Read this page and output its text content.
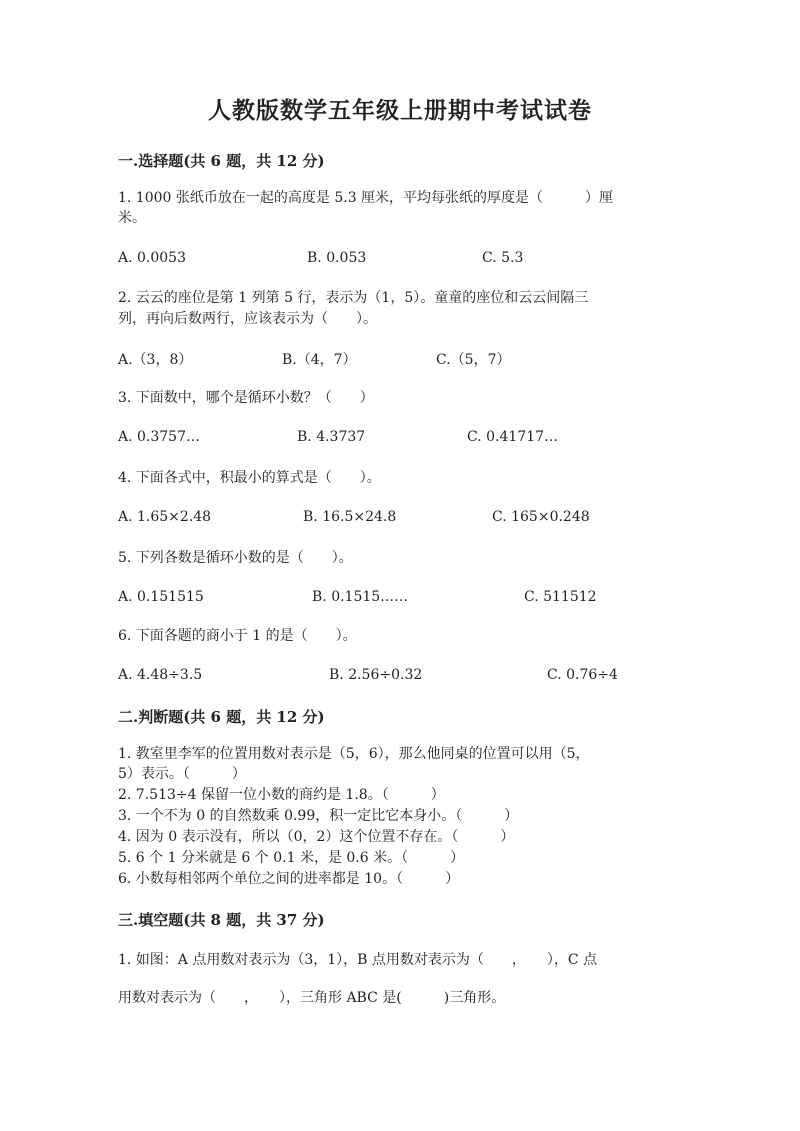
人教版数学五年级上册期中考试试卷
一.选择题(共 6 题，共 12 分)
1. 1000 张纸币放在一起的高度是 5.3 厘米，平均每张纸的厚度是（　　　）厘
米。
A. 0.0053	B. 0.053	C. 5.3
2. 云云的座位是第 1 列第 5 行，表示为（1，5）。童童的座位和云云间隔三
列，再向后数两行，应该表示为（　　）。
A.（3，8）	B.（4，7）	C.（5，7）
3. 下面数中，哪个是循环小数？（　　）
A. 0.3757…	B. 4.3737	C. 0.41717…
4. 下面各式中，积最小的算式是（　　）。
A. 1.65×2.48	B. 16.5×24.8	C. 165×0.248
5. 下列各数是循环小数的是（　　）。
A. 0.151515	B. 0.1515……	C. 511512
6. 下面各题的商小于 1 的是（　　）。
A. 4.48÷3.5	B. 2.56÷0.32	C. 0.76÷4
二.判断题(共 6 题，共 12 分)
1. 教室里李军的位置用数对表示是（5，6），那么他同桌的位置可以用（5，
5）表示。（　　　）
2. 7.513÷4 保留一位小数的商约是 1.8。（　　　）
3. 一个不为 0 的自然数乘 0.99，积一定比它本身小。（　　　）
4. 因为 0 表示没有，所以（0，2）这个位置不存在。（　　　）
5. 6 个 1 分米就是 6 个 0.1 米，是 0.6 米。（　　　）
6. 小数每相邻两个单位之间的进率都是 10。（　　　）
三.填空题(共 8 题，共 37 分)
1. 如图：A 点用数对表示为（3，1），B 点用数对表示为（　　，　　），C 点
用数对表示为（　　，　　），三角形 ABC 是(　　　)三角形。
